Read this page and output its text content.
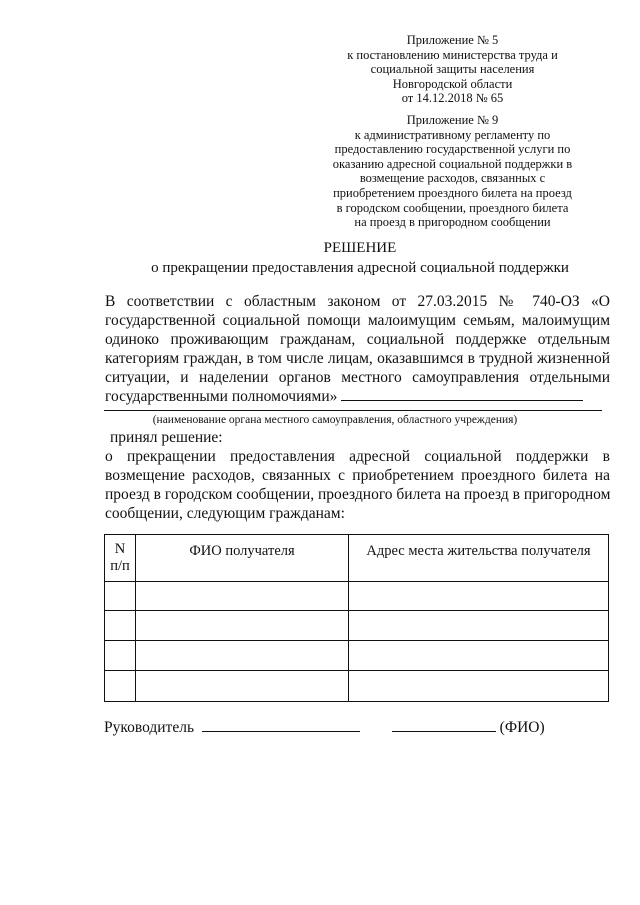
Приложение № 5
к постановлению министерства труда и
социальной защиты населения
Новгородской области
от 14.12.2018 № 65
Приложение № 9
к административному регламенту по
предоставлению государственной услуги по
оказанию адресной социальной поддержки в
возмещение расходов, связанных с
приобретением проездного билета на проезд
в городском сообщении, проездного билета
на проезд в пригородном сообщении
РЕШЕНИЕ
о прекращении предоставления адресной социальной поддержки
В соответствии с областным законом от 27.03.2015 № 740-ОЗ «О
государственной социальной помощи малоимущим семьям, малоимущим
одиноко проживающим гражданам, социальной поддержке отдельным
категориям граждан, в том числе лицам, оказавшимся в трудной жизненной
ситуации, и наделении органов местного самоуправления отдельными
государственными полномочиями»
(наименование органа местного самоуправления, областного учреждения)
принял решение:
о прекращении предоставления адресной социальной поддержки в
возмещение расходов, связанных с приобретением проездного билета на
проезд в городском сообщении, проездного билета на проезд в пригородном
сообщении, следующим гражданам:
N
п/п	ФИО получателя	Адрес места жительства получателя

Руководитель	(ФИО)
